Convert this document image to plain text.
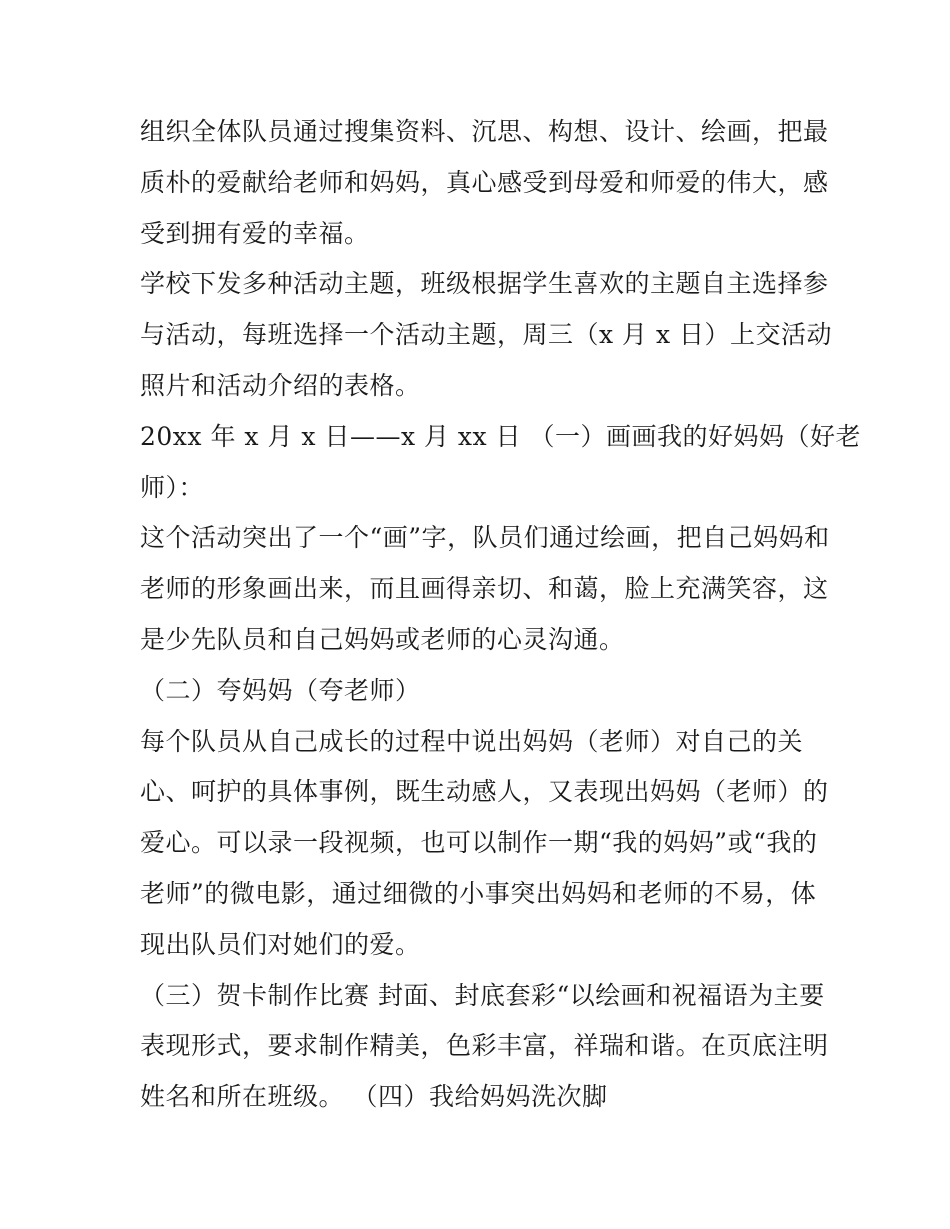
组织全体队员通过搜集资料、沉思、构想、设计、绘画，把最
质朴的爱献给老师和妈妈，真心感受到母爱和师爱的伟大，感
受到拥有爱的幸福。
学校下发多种活动主题，班级根据学生喜欢的主题自主选择参
与活动，每班选择一个活动主题，周三（x 月 x 日）上交活动
照片和活动介绍的表格。
20xx 年 x 月 x 日——x 月 xx 日 （一）画画我的好妈妈（好老
师）：
这个活动突出了一个“画”字，队员们通过绘画，把自己妈妈和
老师的形象画出来，而且画得亲切、和蔼，脸上充满笑容，这
是少先队员和自己妈妈或老师的心灵沟通。
（二）夸妈妈（夸老师）
每个队员从自己成长的过程中说出妈妈（老师）对自己的关
心、呵护的具体事例，既生动感人，又表现出妈妈（老师）的
爱心。可以录一段视频，也可以制作一期“我的妈妈”或“我的
老师”的微电影，通过细微的小事突出妈妈和老师的不易，体
现出队员们对她们的爱。
（三）贺卡制作比赛 封面、封底套彩“以绘画和祝福语为主要
表现形式，要求制作精美，色彩丰富，祥瑞和谐。在页底注明
姓名和所在班级。 （四）我给妈妈洗次脚
